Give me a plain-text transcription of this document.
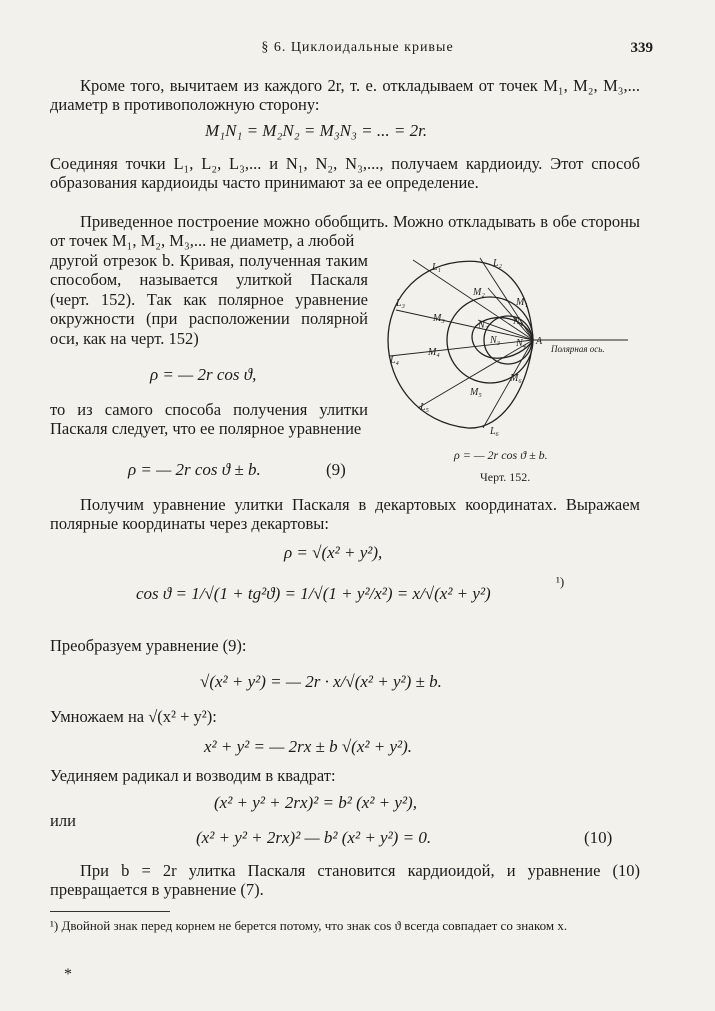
§ 6. Циклоидальные кривые	339
Кроме того, вычитаем из каждого 2r, т. е. откладываем от точек M₁, M₂, M₃,... диаметр в противоположную сторону:
M₁N₁ = M₂N₂ = M₃N₃ = ... = 2r.
Соединяя точки L₁, L₂, L₃,... и N₁, N₂, N₃,..., получаем кардиоиду. Этот способ образования кардиоиды часто принимают за ее определение.
Приведенное построение можно обобщить. Можно откладывать в обе стороны от точек M₁, M₂, M₃,... не диаметр, а любой
другой отрезок b. Кривая, полученная таким способом, называется улиткой Паскаля (черт. 152). Так как полярное уравнение окружности (при расположении полярной оси, как на черт. 152)
ρ = — 2r cos ϑ,
то из самого способа получения улитки Паскаля следует, что ее полярное уравнение
ρ = — 2r cos ϑ ± b.	(9)
L₁	L₂
L₃
L₄
L₅
L₆
M₂
M₁
M₃
M₄
M₅
M₆
N₁
N₂
N₃ N₄ A
Полярная ось.
ρ = — 2r cos ϑ ± b.
Черт. 152.
Получим уравнение улитки Паскаля в декартовых координатах. Выражаем полярные координаты через декартовы:
ρ = √(x² + y²),
cos ϑ = 1/√(1 + tg²ϑ) = 1/√(1 + y²/x²) = x/√(x² + y²)
¹)
Преобразуем уравнение (9):
√(x² + y²) = — 2r · x/√(x² + y²) ± b.
Умножаем на √(x² + y²):
x² + y² = — 2rx ± b √(x² + y²).
Уединяем радикал и возводим в квадрат:
(x² + y² + 2rx)² = b² (x² + y²),
или
(x² + y² + 2rx)² — b² (x² + y²) = 0.	(10)
При b = 2r улитка Паскаля становится кардиоидой, и уравнение (10) превращается в уравнение (7).
¹) Двойной знак перед корнем не берется потому, что знак cos ϑ всегда совпадает со знаком x.
*
